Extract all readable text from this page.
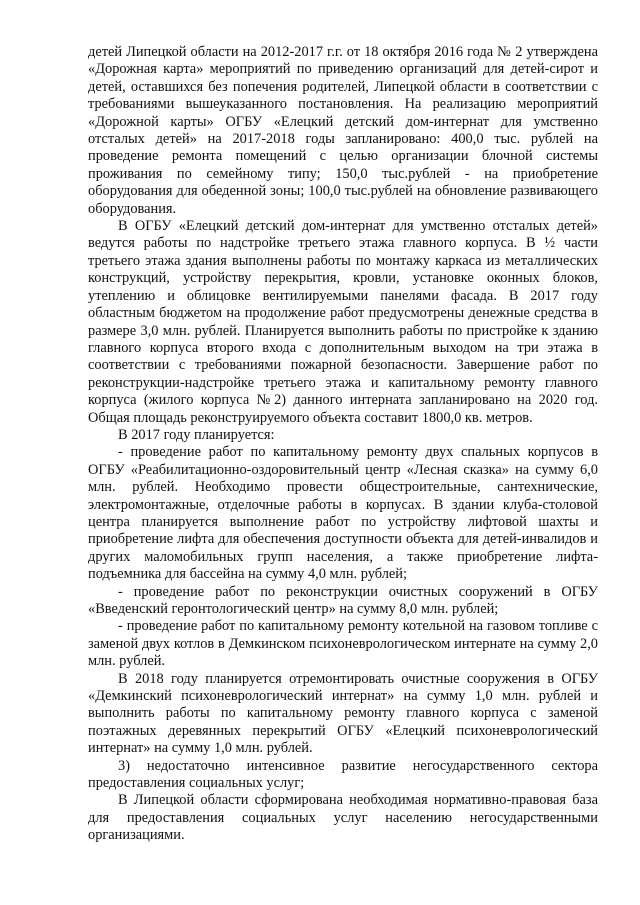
детей Липецкой области на 2012-2017 г.г. от 18 октября 2016 года № 2 утверждена «Дорожная карта» мероприятий по приведению организаций для детей-сирот и детей, оставшихся без попечения родителей, Липецкой области в соответствии с требованиями вышеуказанного постановления. На реализацию мероприятий «Дорожной карты» ОГБУ «Елецкий детский дом-интернат для умственно отсталых детей» на 2017-2018 годы запланировано: 400,0 тыс. рублей на проведение ремонта помещений с целью организации блочной системы проживания по семейному типу; 150,0 тыс.рублей - на приобретение оборудования для обеденной зоны; 100,0 тыс.рублей на обновление развивающего оборудования.

В ОГБУ «Елецкий детский дом-интернат для умственно отсталых детей» ведутся работы по надстройке третьего этажа главного корпуса. В ½ части третьего этажа здания выполнены работы по монтажу каркаса из металлических конструкций, устройству перекрытия, кровли, установке оконных блоков, утеплению и облицовке вентилируемыми панелями фасада. В 2017 году областным бюджетом на продолжение работ предусмотрены денежные средства в размере 3,0 млн. рублей. Планируется выполнить работы по пристройке к зданию главного корпуса второго входа с дополнительным выходом на три этажа в соответствии с требованиями пожарной безопасности. Завершение работ по реконструкции-надстройке третьего этажа и капитальному ремонту главного корпуса (жилого корпуса №2) данного интерната запланировано на 2020 год. Общая площадь реконструируемого объекта составит 1800,0 кв. метров.

В 2017 году планируется:

- проведение работ по капитальному ремонту двух спальных корпусов в ОГБУ «Реабилитационно-оздоровительный центр «Лесная сказка» на сумму 6,0 млн. рублей. Необходимо провести общестроительные, сантехнические, электромонтажные, отделочные работы в корпусах. В здании клуба-столовой центра планируется выполнение работ по устройству лифтовой шахты и приобретение лифта для обеспечения доступности объекта для детей-инвалидов и других маломобильных групп населения, а также приобретение лифта-подъемника для бассейна на сумму 4,0 млн. рублей;

- проведение работ по реконструкции очистных сооружений в ОГБУ «Введенский геронтологический центр» на сумму 8,0 млн. рублей;

- проведение работ по капитальному ремонту котельной на газовом топливе с заменой двух котлов в Демкинском психоневрологическом интернате на сумму 2,0 млн. рублей.

В 2018 году планируется отремонтировать очистные сооружения в ОГБУ «Демкинский психоневрологический интернат» на сумму 1,0 млн. рублей и выполнить работы по капитальному ремонту главного корпуса с заменой поэтажных деревянных перекрытий ОГБУ «Елецкий психоневрологический интернат» на сумму 1,0 млн. рублей.

3) недостаточно интенсивное развитие негосударственного сектора предоставления социальных услуг;

В Липецкой области сформирована необходимая нормативно-правовая база для предоставления социальных услуг населению негосударственными организациями.
